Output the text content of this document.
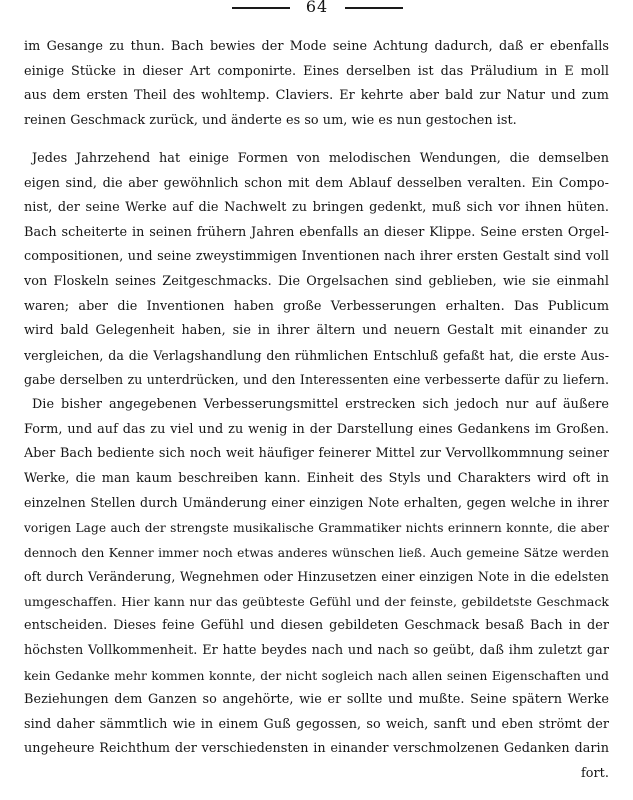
64
im Gesange zu thun. Bach bewies der Mode seine Achtung dadurch, daß er ebenfalls
einige Stücke in dieser Art componirte. Eines derselben ist das Präludium in E moll
aus dem ersten Theil des wohltemp. Claviers. Er kehrte aber bald zur Natur und zum
reinen Geschmack zurück, und änderte es so um, wie es nun gestochen ist.
Jedes Jahrzehend hat einige Formen von melodischen Wendungen, die demselben
eigen sind, die aber gewöhnlich schon mit dem Ablauf desselben veralten. Ein Compo-
nist, der seine Werke auf die Nachwelt zu bringen gedenkt, muß sich vor ihnen hüten.
Bach scheiterte in seinen frühern Jahren ebenfalls an dieser Klippe. Seine ersten Orgel-
compositionen, und seine zweystimmigen Inventionen nach ihrer ersten Gestalt sind voll
von Floskeln seines Zeitgeschmacks. Die Orgelsachen sind geblieben, wie sie einmahl
waren; aber die Inventionen haben große Verbesserungen erhalten. Das Publicum
wird bald Gelegenheit haben, sie in ihrer ältern und neuern Gestalt mit einander zu
vergleichen, da die Verlagshandlung den rühmlichen Entschluß gefaßt hat, die erste Aus-
gabe derselben zu unterdrücken, und den Interessenten eine verbesserte dafür zu liefern.
Die bisher angegebenen Verbesserungsmittel erstrecken sich jedoch nur auf äußere
Form, und auf das zu viel und zu wenig in der Darstellung eines Gedankens im Großen.
Aber Bach bediente sich noch weit häufiger feinerer Mittel zur Vervollkommnung seiner
Werke, die man kaum beschreiben kann. Einheit des Styls und Charakters wird oft in
einzelnen Stellen durch Umänderung einer einzigen Note erhalten, gegen welche in ihrer
vorigen Lage auch der strengste musikalische Grammatiker nichts erinnern konnte, die aber
dennoch den Kenner immer noch etwas anderes wünschen ließ. Auch gemeine Sätze werden
oft durch Veränderung, Wegnehmen oder Hinzusetzen einer einzigen Note in die edelsten
umgeschaffen. Hier kann nur das geübteste Gefühl und der feinste, gebildetste Geschmack
entscheiden. Dieses feine Gefühl und diesen gebildeten Geschmack besaß Bach in der
höchsten Vollkommenheit. Er hatte beydes nach und nach so geübt, daß ihm zuletzt gar
kein Gedanke mehr kommen konnte, der nicht sogleich nach allen seinen Eigenschaften und
Beziehungen dem Ganzen so angehörte, wie er sollte und mußte. Seine spätern Werke
sind daher sämmtlich wie in einem Guß gegossen, so weich, sanft und eben strömt der
ungeheure Reichthum der verschiedensten in einander verschmolzenen Gedanken darin
fort.
